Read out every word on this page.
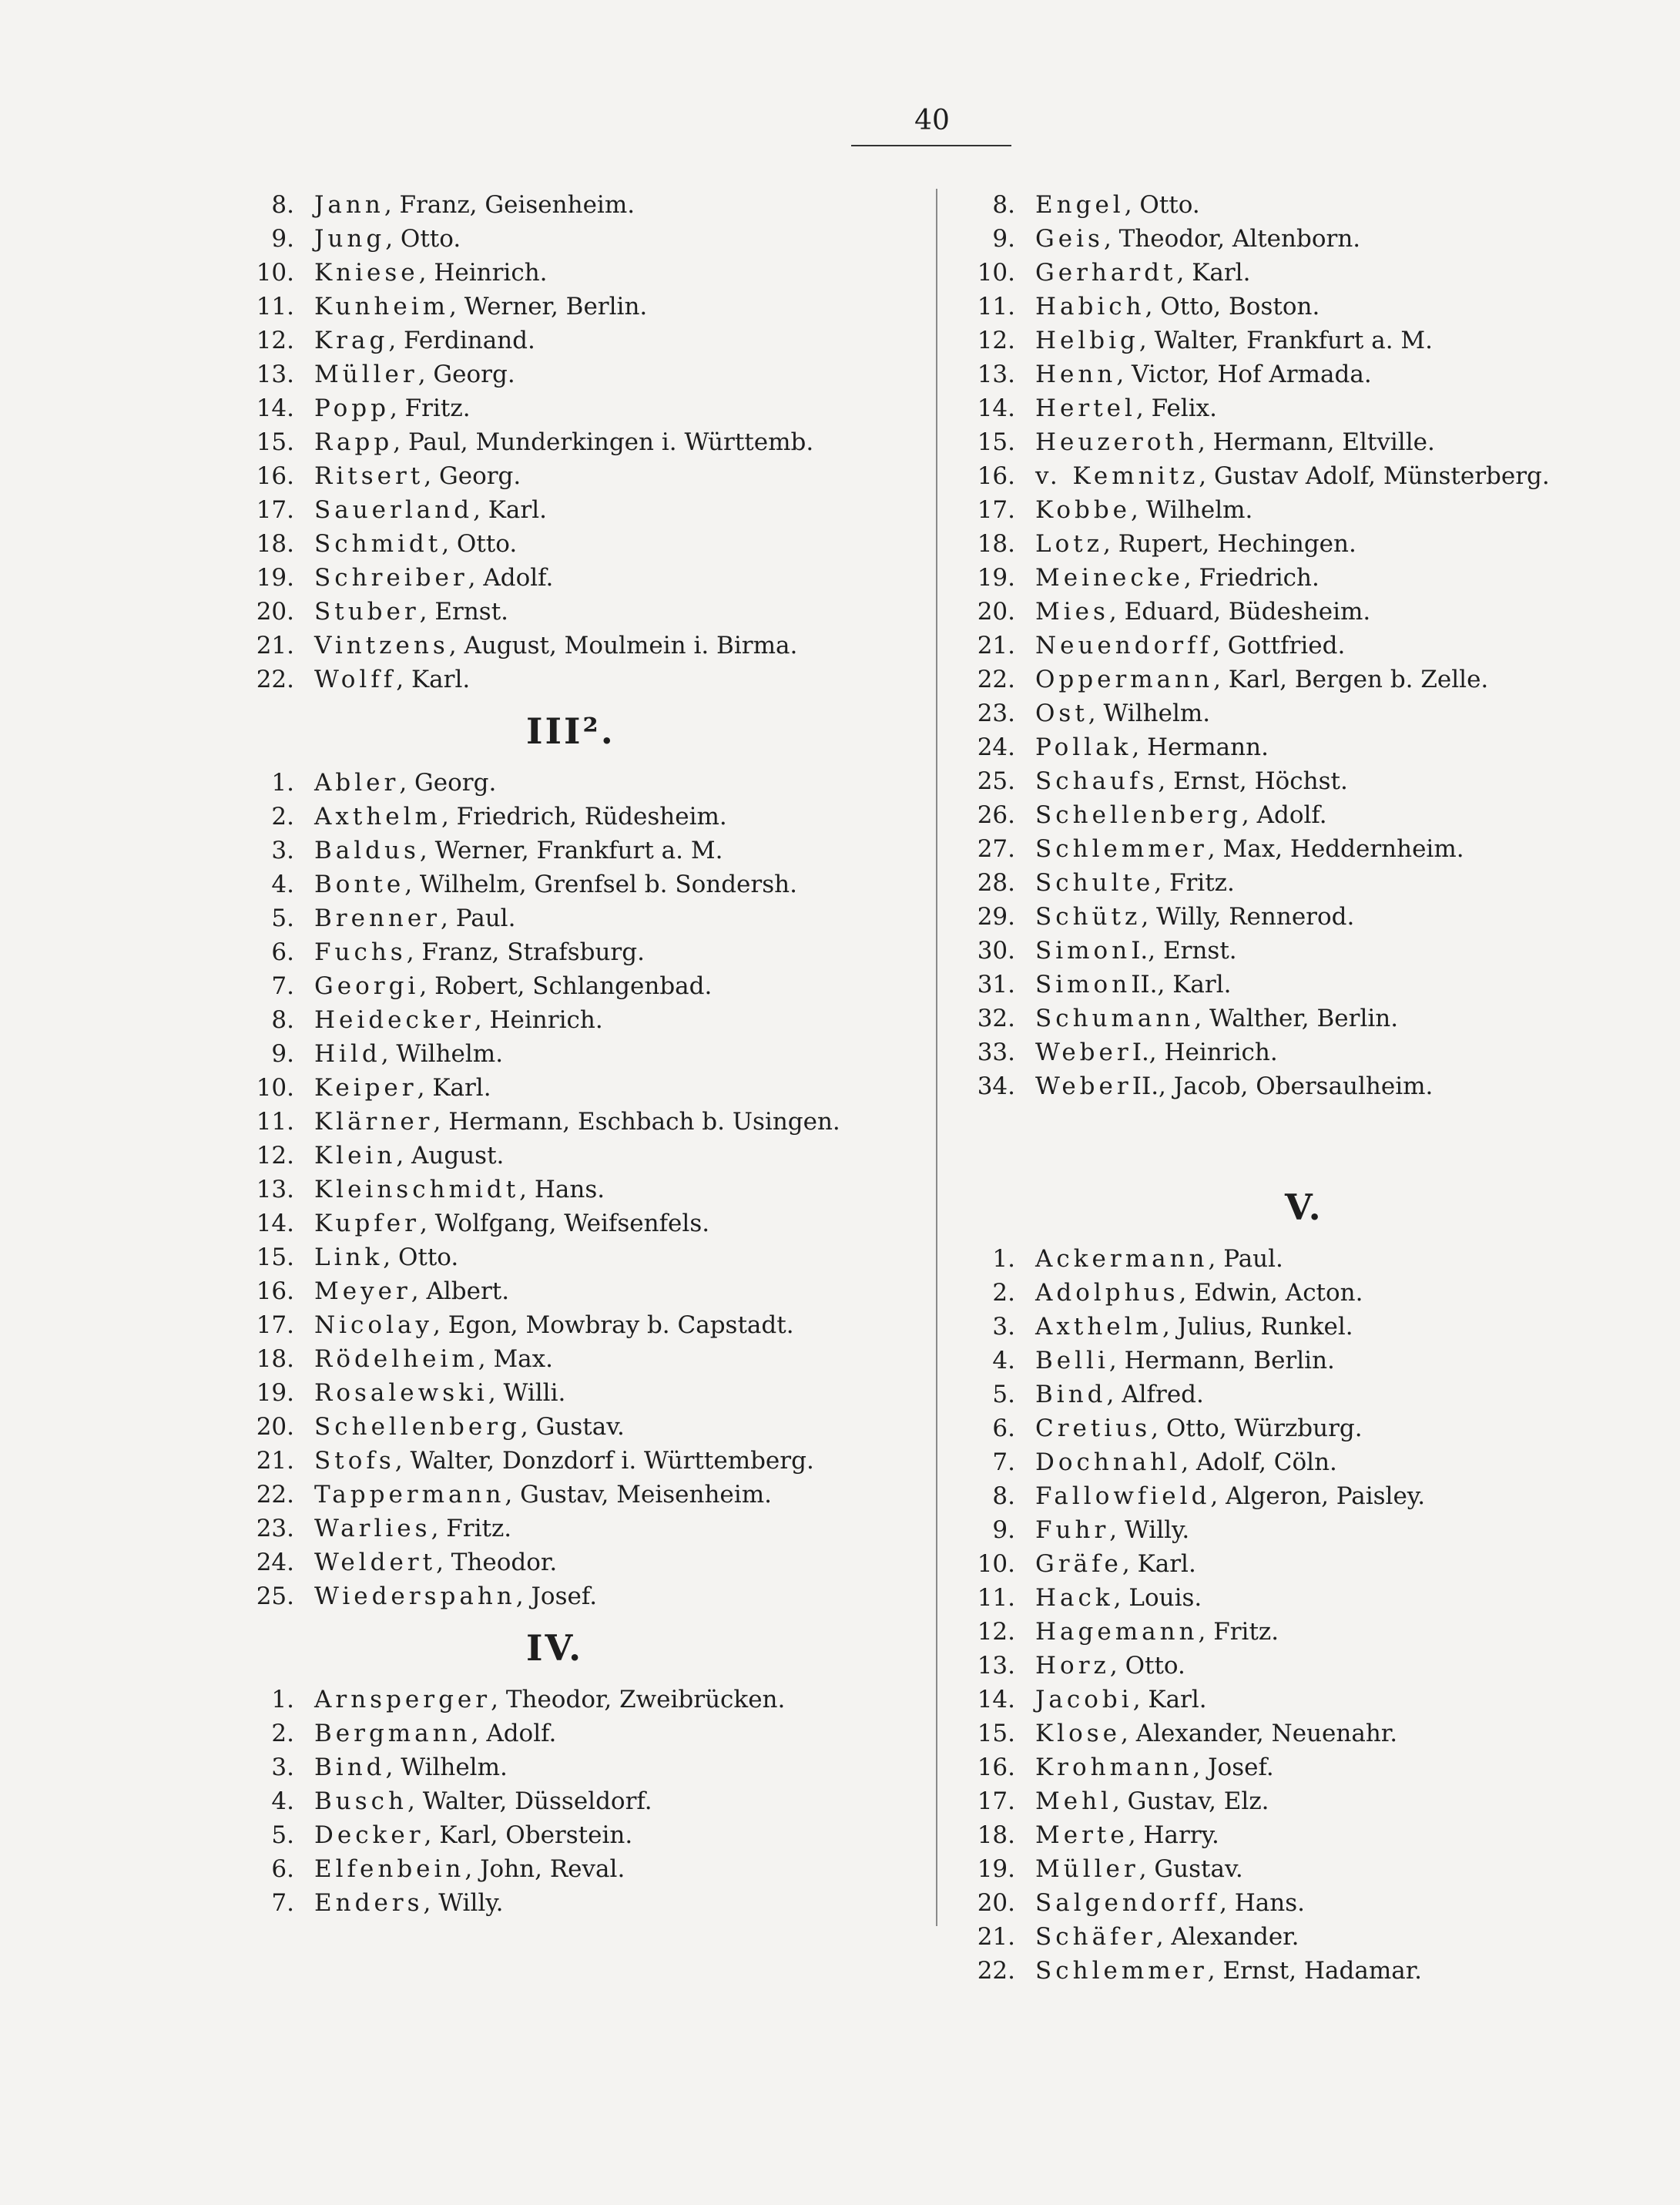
40
8. Jann , Franz, Geisenheim.
9. Jung , Otto.
10. Kniese , Heinrich.
11. Kunheim , Werner, Berlin.
12. Krag , Ferdinand.
13. Müller , Georg.
14. Popp , Fritz.
15. Rapp , Paul, Munderkingen i. Württemb.
16. Ritsert , Georg.
17. Sauerland , Karl.
18. Schmidt , Otto.
19. Schreiber , Adolf.
20. Stuber , Ernst.
21. Vintzens , August, Moulmein i. Birma.
22. Wolff , Karl.
III².
1. Abler , Georg.
2. Axthelm , Friedrich, Rüdesheim.
3. Baldus , Werner, Frankfurt a. M.
4. Bonte , Wilhelm, Grenfsel b. Sondersh.
5. Brenner , Paul.
6. Fuchs , Franz, Strafsburg.
7. Georgi , Robert, Schlangenbad.
8. Heidecker , Heinrich.
9. Hild , Wilhelm.
10. Keiper , Karl.
11. Klärner , Hermann, Eschbach b. Usingen.
12. Klein , August.
13. Kleinschmidt , Hans.
14. Kupfer , Wolfgang, Weifsenfels.
15. Link , Otto.
16. Meyer , Albert.
17. Nicolay , Egon, Mowbray b. Capstadt.
18. Rödelheim , Max.
19. Rosalewski , Willi.
20. Schellenberg , Gustav.
21. Stofs , Walter, Donzdorf i. Württemberg.
22. Tappermann , Gustav, Meisenheim.
23. Warlies , Fritz.
24. Weldert , Theodor.
25. Wiederspahn , Josef.
IV.
1. Arnsperger , Theodor, Zweibrücken.
2. Bergmann , Adolf.
3. Bind , Wilhelm.
4. Busch , Walter, Düsseldorf.
5. Decker , Karl, Oberstein.
6. Elfenbein , John, Reval.
7. Enders , Willy.
8. Engel , Otto.
9. Geis , Theodor, Altenborn.
10. Gerhardt , Karl.
11. Habich , Otto, Boston.
12. Helbig , Walter, Frankfurt a. M.
13. Henn , Victor, Hof Armada.
14. Hertel , Felix.
15. Heuzeroth , Hermann, Eltville.
16. v. Kemnitz , Gustav Adolf, Münsterberg.
17. Kobbe , Wilhelm.
18. Lotz , Rupert, Hechingen.
19. Meinecke , Friedrich.
20. Mies , Eduard, Büdesheim.
21. Neuendorff , Gottfried.
22. Oppermann , Karl, Bergen b. Zelle.
23. Ost , Wilhelm.
24. Pollak , Hermann.
25. Schaufs , Ernst, Höchst.
26. Schellenberg , Adolf.
27. Schlemmer , Max, Heddernheim.
28. Schulte , Fritz.
29. Schütz , Willy, Rennerod.
30. Simon I., Ernst.
31. Simon II., Karl.
32. Schumann , Walther, Berlin.
33. Weber I., Heinrich.
34. Weber II., Jacob, Obersaulheim.
V.
1. Ackermann , Paul.
2. Adolphus , Edwin, Acton.
3. Axthelm , Julius, Runkel.
4. Belli , Hermann, Berlin.
5. Bind , Alfred.
6. Cretius , Otto, Würzburg.
7. Dochnahl , Adolf, Cöln.
8. Fallowfield , Algeron, Paisley.
9. Fuhr , Willy.
10. Gräfe , Karl.
11. Hack , Louis.
12. Hagemann , Fritz.
13. Horz , Otto.
14. Jacobi , Karl.
15. Klose , Alexander, Neuenahr.
16. Krohmann , Josef.
17. Mehl , Gustav, Elz.
18. Merte , Harry.
19. Müller , Gustav.
20. Salgendorff , Hans.
21. Schäfer , Alexander.
22. Schlemmer , Ernst, Hadamar.
